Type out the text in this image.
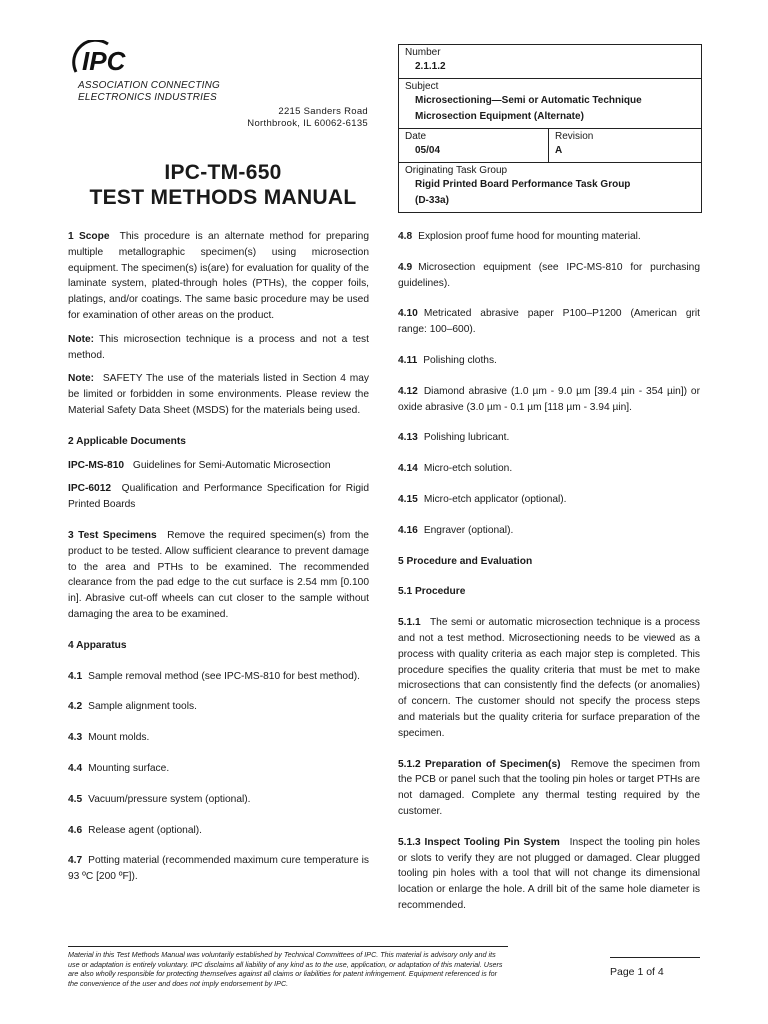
IPC
ASSOCIATION CONNECTING
ELECTRONICS INDUSTRIES
2215 Sanders Road
Northbrook, IL 60062-6135
IPC-TM-650
TEST METHODS MANUAL
Number
2.1.1.2
Subject
Microsectioning—Semi or Automatic Technique
Microsection Equipment (Alternate)
Date
05/04
Revision
A
Originating Task Group
Rigid Printed Board Performance Task Group
(D-33a)

1 Scope This procedure is an alternate method for preparing multiple metallographic specimen(s) using microsection equipment. The specimen(s) is(are) for evaluation for quality of the laminate system, plated-through holes (PTHs), the copper foils, platings, and/or coatings. The same basic procedure may be used for examination of other areas on the product.

Note: This microsection technique is a process and not a test method.

Note: SAFETY The use of the materials listed in Section 4 may be limited or forbidden in some environments. Please review the Material Safety Data Sheet (MSDS) for the materials being used.

2 Applicable Documents

IPC-MS-810 Guidelines for Semi-Automatic Microsection

IPC-6012 Qualification and Performance Specification for Rigid Printed Boards

3 Test Specimens Remove the required specimen(s) from the product to be tested. Allow sufficient clearance to prevent damage to the area and PTHs to be examined. The recommended clearance from the pad edge to the cut surface is 2.54 mm [0.100 in]. Abrasive cut-off wheels can cut closer to the sample without damaging the area to be examined.

4 Apparatus

4.1 Sample removal method (see IPC-MS-810 for best method).

4.2 Sample alignment tools.

4.3 Mount molds.

4.4 Mounting surface.

4.5 Vacuum/pressure system (optional).

4.6 Release agent (optional).

4.7 Potting material (recommended maximum cure temperature is 93 ºC [200 ºF]).

4.8 Explosion proof fume hood for mounting material.

4.9 Microsection equipment (see IPC-MS-810 for purchasing guidelines).

4.10 Metricated abrasive paper P100–P1200 (American grit range: 100–600).

4.11 Polishing cloths.

4.12 Diamond abrasive (1.0 µm - 9.0 µm [39.4 µin - 354 µin]) or oxide abrasive (3.0 µm - 0.1 µm [118 µm - 3.94 µin].

4.13 Polishing lubricant.

4.14 Micro-etch solution.

4.15 Micro-etch applicator (optional).

4.16 Engraver (optional).

5 Procedure and Evaluation

5.1 Procedure

5.1.1 The semi or automatic microsection technique is a process and not a test method. Microsectioning needs to be viewed as a process with quality criteria as each major step is completed. This procedure specifies the quality criteria that must be met to make microsections that can consistently find the defects (or anomalies) of concern. The customer should not specify the process steps and materials but the quality criteria for surface preparation of the specimen.

5.1.2 Preparation of Specimen(s) Remove the specimen from the PCB or panel such that the tooling pin holes or target PTHs are not damaged. Complete any thermal testing required by the customer.

5.1.3 Inspect Tooling Pin System Inspect the tooling pin holes or slots to verify they are not plugged or damaged. Clear plugged tooling pin holes with a tool that will not change its dimensional location or enlarge the hole. A drill bit of the same hole diameter is recommended.

Material in this Test Methods Manual was voluntarily established by Technical Committees of IPC. This material is advisory only and its use or adaptation is entirely voluntary. IPC disclaims all liability of any kind as to the use, application, or adaptation of this material. Users are also wholly responsible for protecting themselves against all claims or liabilities for patent infringement. Equipment referenced is for the convenience of the user and does not imply endorsement by IPC.
Page 1 of 4
